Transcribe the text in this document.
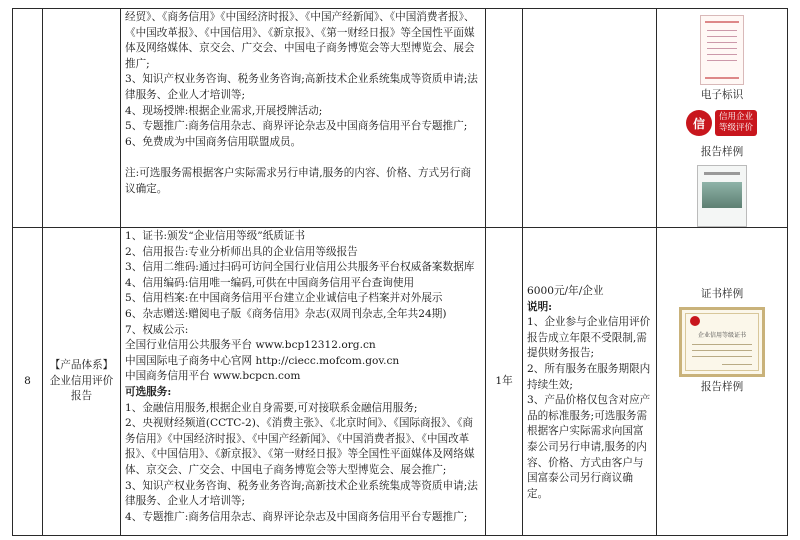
经贸》、《商务信用》《中国经济时报》、《中国产经新闻》、《中国消费者报》、《中国改革报》、《中国信用》、《新京报》、《第一财经日报》等全国性平面媒体及网络媒体、京交会、广交会、中国电子商务博览会等大型博览会、展会推广;

3、知识产权业务咨询、税务业务咨询;高新技术企业系统集成等资质申请;法律服务、企业人才培训等;

4、现场授牌:根据企业需求,开展授牌活动;

5、专题推广:商务信用杂志、商界评论杂志及中国商务信用平台专题推广;

6、免费成为中国商务信用联盟成员。

注:可选服务需根据客户实际需求另行申请,服务的内容、价格、方式另行商议确定。

电子标识
信	信用企业
等级评价
报告样例
8
【产品体系】企业信用评价报告

1、证书:颁发“企业信用等级”纸质证书

2、信用报告:专业分析师出具的企业信用等级报告

3、信用二维码:通过扫码可访问全国行业信用公共服务平台权威备案数据库

4、信用编码:信用唯一编码,可供在中国商务信用平台查询使用

5、信用档案:在中国商务信用平台建立企业诚信电子档案并对外展示

6、杂志赠送:赠阅电子版《商务信用》杂志(双周刊杂志,全年共24期)

7、权威公示:

全国行业信用公共服务平台 www.bcp12312.org.cn

中国国际电子商务中心官网 http://ciecc.mofcom.gov.cn

中国商务信用平台 www.bcpcn.com

可选服务:

1、金融信用服务,根据企业自身需要,可对接联系金融信用服务;

2、央视财经频道(CCTC-2)、《消费主张》、《北京时间》、《国际商报》、《商务信用》《中国经济时报》、《中国产经新闻》、《中国消费者报》、《中国改革报》、《中国信用》、《新京报》、《第一财经日报》等全国性平面媒体及网络媒体、京交会、广交会、中国电子商务博览会等大型博览会、展会推广;

3、知识产权业务咨询、税务业务咨询;高新技术企业系统集成等资质申请;法律服务、企业人才培训等;

4、专题推广:商务信用杂志、商界评论杂志及中国商务信用平台专题推广;

1年

6000元/年/企业

说明:

1、企业参与企业信用评价报告成立年限不受限制,需提供财务报告;

2、所有服务在服务期限内持续生效;

3、产品价格仅包含对应产品的标准服务;可选服务需根据客户实际需求向国富泰公司另行申请,服务的内容、价格、方式由客户与国富泰公司另行商议确定。

证书样例
企业信用等级证书
报告样例
